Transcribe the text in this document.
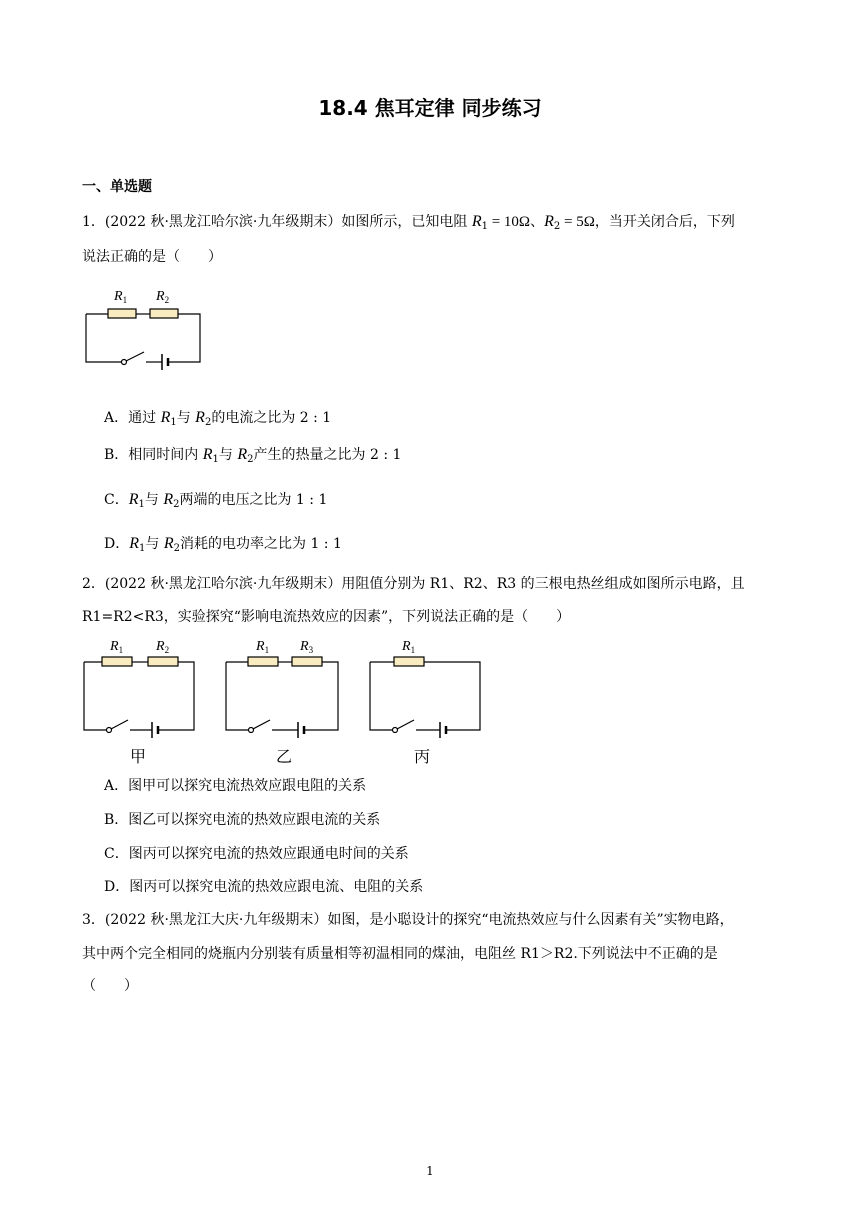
18.4 焦耳定律 同步练习
一、单选题
1．(2022 秋·黑龙江哈尔滨·九年级期末）如图所示，已知电阻 $R_1 = 10\Omega$、$R_2 = 5\Omega$，当开关闭合后，下列
说法正确的是（　　）
$R_1$ $R_2$
A．通过 $R_1$与 $R_2$的电流之比为 2 : 1
B．相同时间内 $R_1$与 $R_2$产生的热量之比为 2 : 1
C．$R_1$与 $R_2$两端的电压之比为 1 : 1
D．$R_1$与 $R_2$消耗的电功率之比为 1 : 1
2．(2022 秋·黑龙江哈尔滨·九年级期末）用阻值分别为 R1、R2、R3 的三根电热丝组成如图所示电路，且
R1=R2<R3，实验探究“影响电流热效应的因素”，下列说法正确的是（　　）
$R_1$ $R_2$
甲
$R_1$ $R_3$
乙
$R_1$
丙
A．图甲可以探究电流热效应跟电阻的关系
B．图乙可以探究电流的热效应跟电流的关系
C．图丙可以探究电流的热效应跟通电时间的关系
D．图丙可以探究电流的热效应跟电流、电阻的关系
3．(2022 秋·黑龙江大庆·九年级期末）如图，是小聪设计的探究“电流热效应与什么因素有关”实物电路，
其中两个完全相同的烧瓶内分别装有质量相等初温相同的煤油，电阻丝 R1＞R2.下列说法中不正确的是
（　　）
1
